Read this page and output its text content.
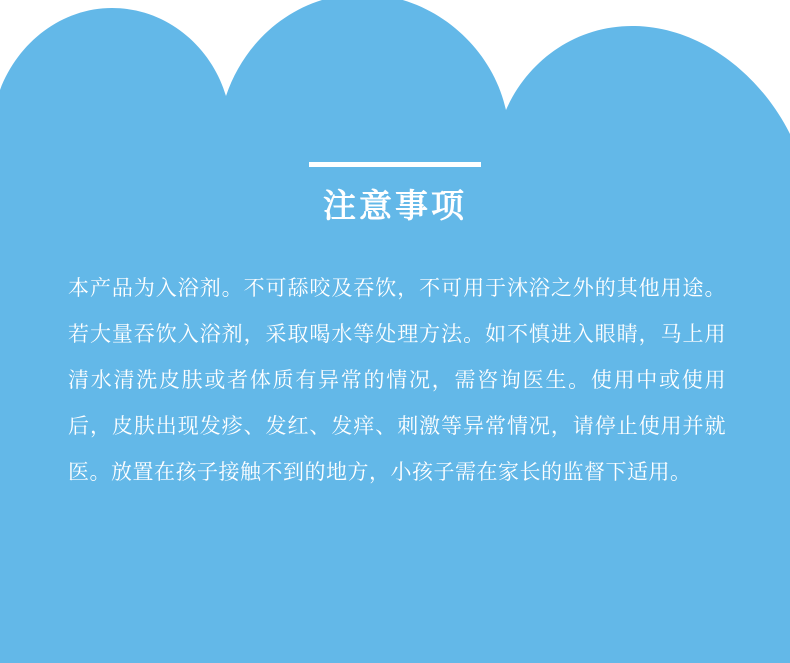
注意事项
本产品为入浴剂。不可舔咬及吞饮，不可用于沐浴之外的其他用途。若大量吞饮入浴剂，采取喝水等处理方法。如不慎进入眼睛，马上用清水清洗皮肤或者体质有异常的情况，需咨询医生。使用中或使用后，皮肤出现发疹、发红、发痒、刺激等异常情况，请停止使用并就医。放置在孩子接触不到的地方，小孩子需在家长的监督下适用。
